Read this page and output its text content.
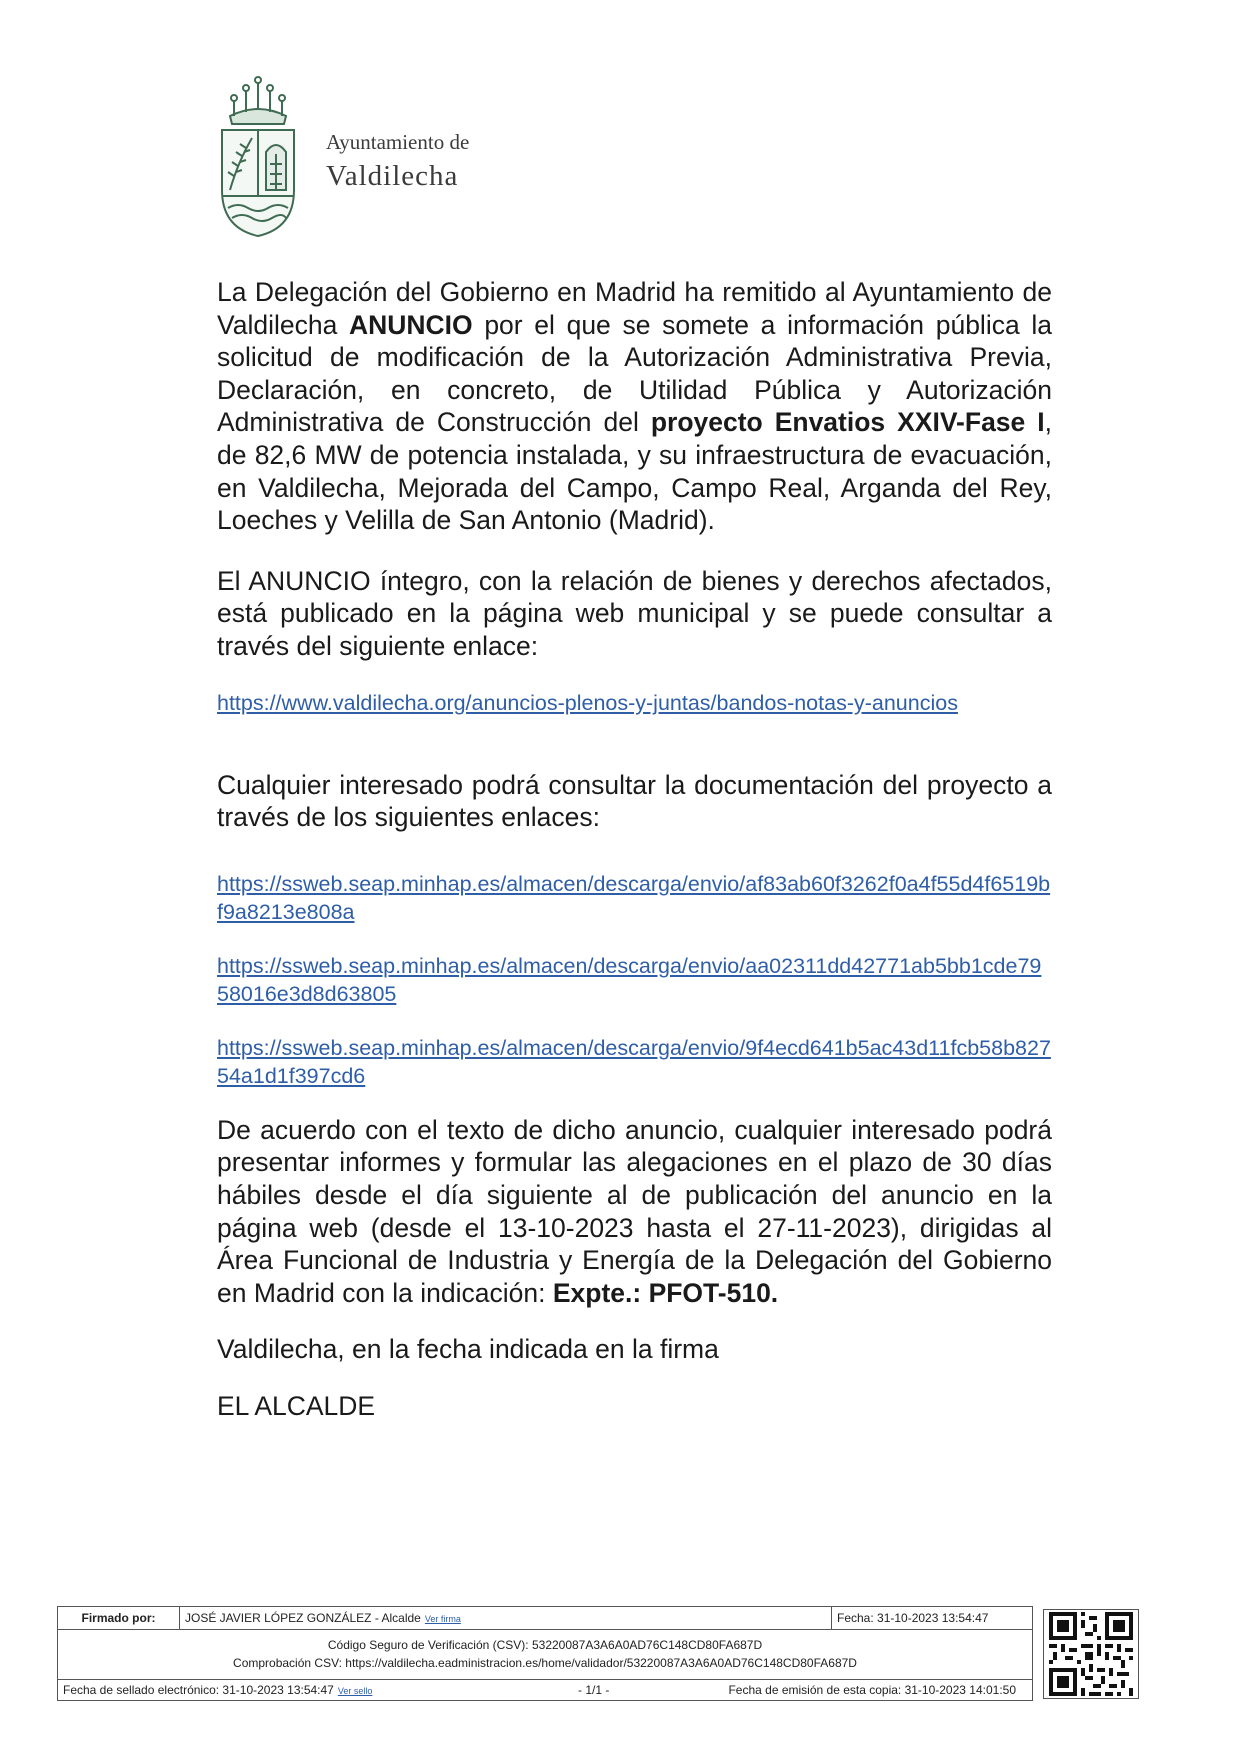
Ayuntamiento de
Valdilecha

La Delegación del Gobierno en Madrid ha remitido al Ayuntamiento de Valdilecha ANUNCIO por el que se somete a información pública la solicitud de modificación de la Autorización Administrativa Previa, Declaración, en concreto, de Utilidad Pública y Autorización Administrativa de Construcción del proyecto Envatios XXIV-Fase I, de 82,6 MW de potencia instalada, y su infraestructura de evacuación, en Valdilecha, Mejorada del Campo, Campo Real, Arganda del Rey, Loeches y Velilla de San Antonio (Madrid).

El ANUNCIO íntegro, con la relación de bienes y derechos afectados, está publicado en la página web municipal y se puede consultar a través del siguiente enlace:

https://www.valdilecha.org/anuncios-plenos-y-juntas/bandos-notas-y-anuncios

Cualquier interesado podrá consultar la documentación del proyecto a través de los siguientes enlaces:

https://ssweb.seap.minhap.es/almacen/descarga/envio/af83ab60f3262f0a4f55d4f6519bf9a8213e808a
https://ssweb.seap.minhap.es/almacen/descarga/envio/aa02311dd42771ab5bb1cde7958016e3d8d63805
https://ssweb.seap.minhap.es/almacen/descarga/envio/9f4ecd641b5ac43d11fcb58b82754a1d1f397cd6

De acuerdo con el texto de dicho anuncio, cualquier interesado podrá presentar informes y formular las alegaciones en el plazo de 30 días hábiles desde el día siguiente al de publicación del anuncio en la página web (desde el 13-10-2023 hasta el 27-11-2023), dirigidas al Área Funcional de Industria y Energía de la Delegación del Gobierno en Madrid con la indicación: Expte.: PFOT-510.

Valdilecha, en la fecha indicada en la firma

EL ALCALDE

Firmado por:	JOSÉ JAVIER LÓPEZ GONZÁLEZ - Alcalde Ver firma	Fecha: 31-10-2023 13:54:47
Código Seguro de Verificación (CSV): 53220087A3A6A0AD76C148CD80FA687D
Comprobación CSV: https://valdilecha.eadministracion.es/home/validador/53220087A3A6A0AD76C148CD80FA687D
Fecha de sellado electrónico: 31-10-2023 13:54:47 Ver sello	- 1/1 -	Fecha de emisión de esta copia: 31-10-2023 14:01:50
